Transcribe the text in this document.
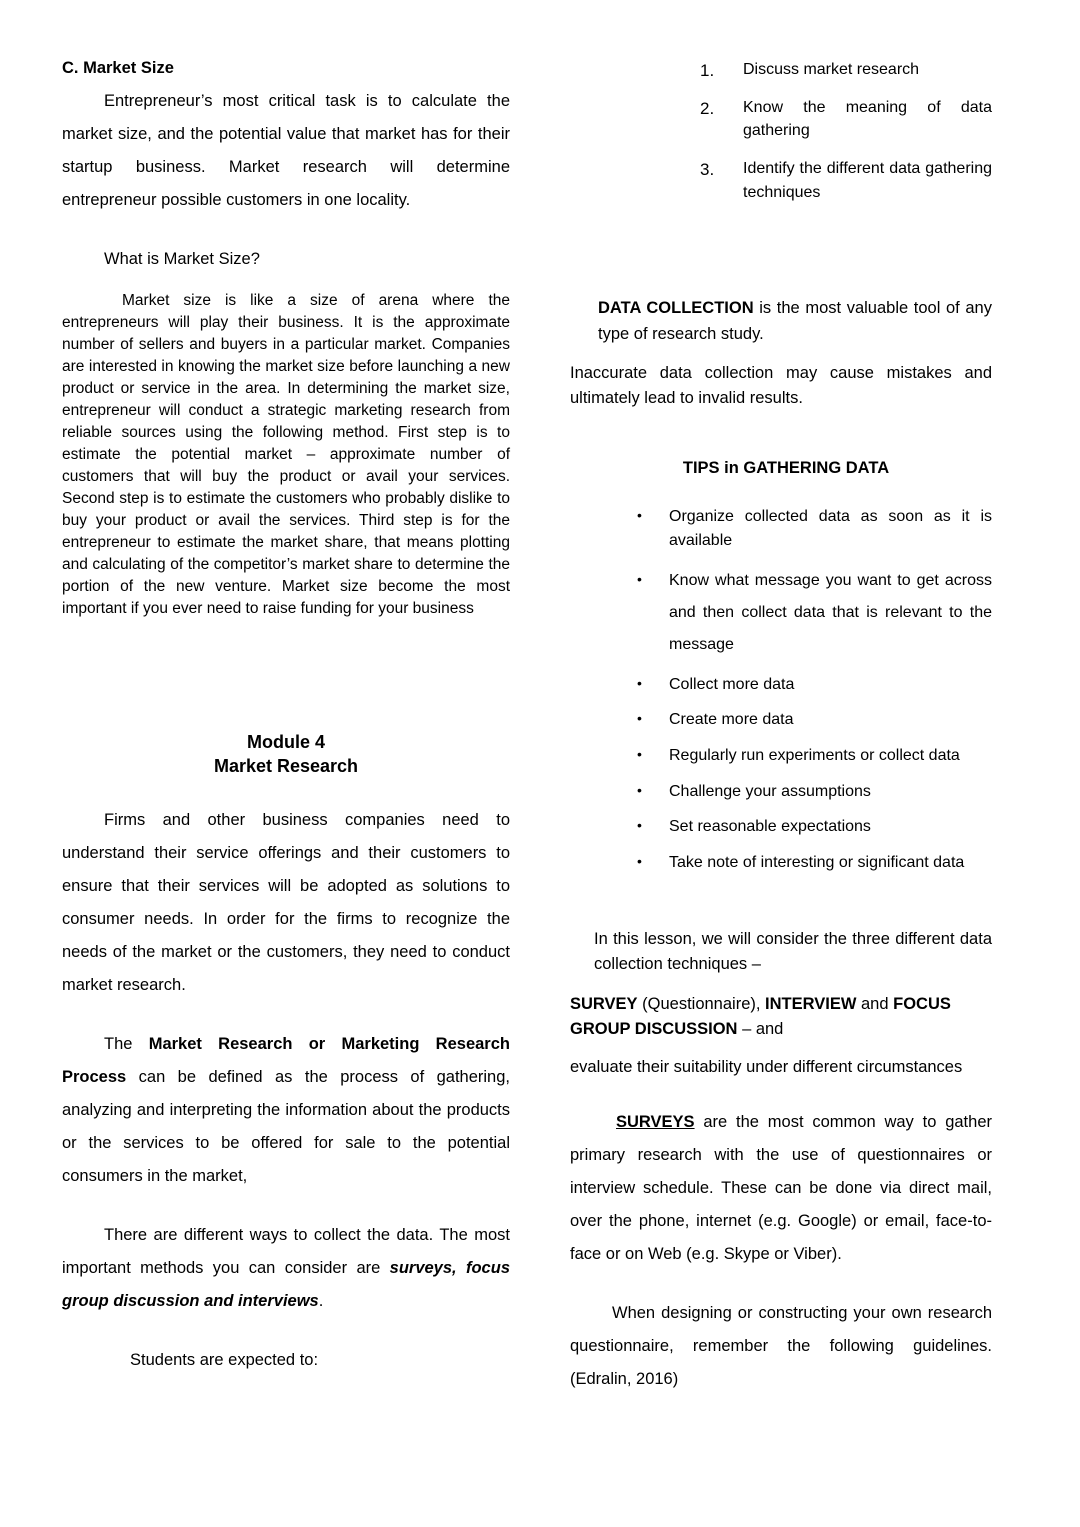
C. Market Size

Entrepreneur’s most critical task is to calculate the market size, and the potential value that market has for their startup business. Market research will determine entrepreneur possible customers in one locality.

What is Market Size?

Market size is like a size of arena where the entrepreneurs will play their business. It is the approximate number of sellers and buyers in a particular market. Companies are interested in knowing the market size before launching a new product or service in the area. In determining the market size, entrepreneur will conduct a strategic marketing research from reliable sources using the following method. First step is to estimate the potential market – approximate number of customers that will buy the product or avail your services. Second step is to estimate the customers who probably dislike to buy your product or avail the services. Third step is for the entrepreneur to estimate the market share, that means plotting and calculating of the competitor’s market share to determine the portion of the new venture. Market size become the most important if you ever need to raise funding for your business

Module 4
Market Research

Firms and other business companies need to understand their service offerings and their customers to ensure that their services will be adopted as solutions to consumer needs. In order for the firms to recognize the needs of the market or the customers, they need to conduct market research.

The Market Research or Marketing Research Process can be defined as the process of gathering, analyzing and interpreting the information about the products or the services to be offered for sale to the potential consumers in the market,

There are different ways to collect the data. The most important methods you can consider are surveys, focus group discussion and interviews.

Students are expected to:
1. Discuss market research
2. Know the meaning of data gathering
3. Identify the different data gathering techniques

DATA COLLECTION is the most valuable tool of any type of research study.

Inaccurate data collection may cause mistakes and ultimately lead to invalid results.

TIPS in GATHERING DATA
• Organize collected data as soon as it is available
• Know what message you want to get across and then collect data that is relevant to the message
• Collect more data
• Create more data
• Regularly run experiments or collect data
• Challenge your assumptions
• Set reasonable expectations
• Take note of interesting or significant data

In this lesson, we will consider the three different data collection techniques –

SURVEY (Questionnaire), INTERVIEW and FOCUS GROUP DISCUSSION – and

evaluate their suitability under different circumstances

SURVEYS are the most common way to gather primary research with the use of questionnaires or interview schedule. These can be done via direct mail, over the phone, internet (e.g. Google) or email, face-to-face or on Web (e.g. Skype or Viber).

When designing or constructing your own research questionnaire, remember the following guidelines. (Edralin, 2016)
